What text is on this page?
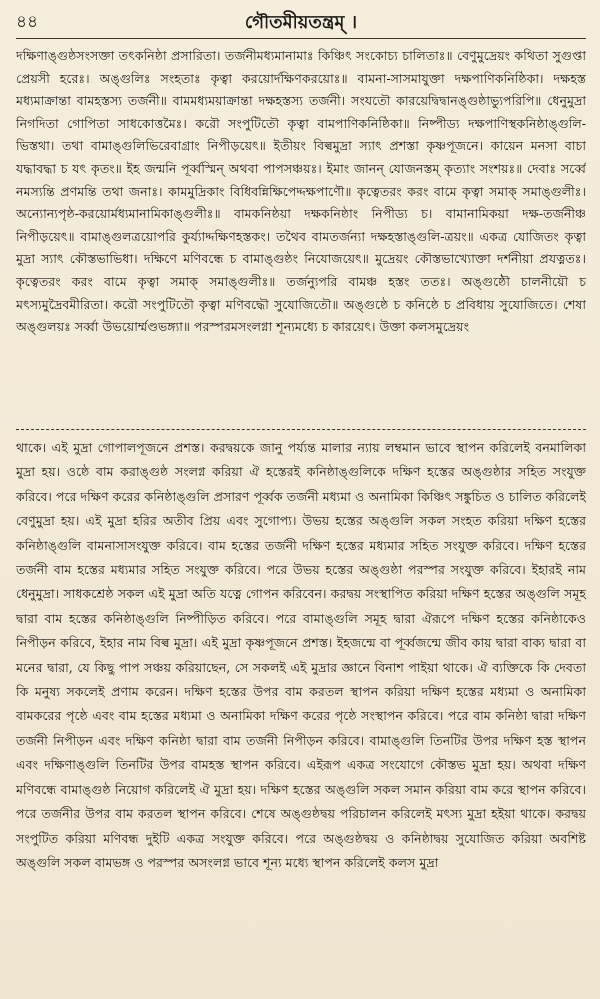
৪৪	গৌতমীয়তন্ত্রম্ ।

দক্ষিণাঙ্গুষ্ঠসংসক্তা তৎকনিষ্ঠা প্রসারিতা। তর্জনীমধ্যমানামাঃ কিঞ্চিৎ সংকোচ্য চালিতাঃ॥ বেণুমুদ্রেয়ং কথিতা সুগুপ্তা প্রেয়সী হরেঃ। অঙ্গুলিঃ সংহতাঃ কৃত্বা করয়োর্দক্ষিণকরয়োঃ॥ বামনা-সাসমাযুক্তা দক্ষপাণিকনিষ্ঠিকা। দক্ষহস্ত মধ্যমাক্রান্তা বামহস্তস্য তর্জনী॥ বামমধ্যময়াক্রান্তা দক্ষহস্তস্য তর্জনী। সংযতৌ কারয়েদ্বিদ্বানঙ্গুষ্ঠাভ্যুপরিপি॥ ধেনুমুদ্রা নিগদিতা গোপিতা সাধকোত্তমৈঃ। করৌ সংপুটিতৌ কৃত্বা বামপাণিকনিষ্ঠিকা॥ নিষ্পীড্য দক্ষপাণিস্থকনিষ্ঠাঙ্গুলি-ভিস্তথা। তথা বামাঙ্গুলিভিরেবাগ্রাং নিপীড়য়েৎ॥ ইতীয়ং বিল্বমুদ্রা স্যাৎ প্রশস্তা কৃষ্ণপূজনে। কায়েন মনসা বাচা যদ্ধাবদ্ধা চ যৎ কৃতং॥ ইহ জন্মনি পূর্ব্বস্মিন্ অথবা পাপসঞ্চয়ঃ। ইমাং জানন্ যোজনস্তম্ কৃত্যাং সংশয়ঃ॥ দেবাঃ সর্ব্বে নমস্যন্তি প্রণমন্তি তথা জনাঃ। কামমুদ্রিকাং বিধিবন্নিক্ষিপেদ্দক্ষপাণৌ॥ কৃত্বেতরং করং বামে কৃত্বা সমাক্ সমাঙ্গুলীঃ। অন্যোন্যপৃষ্ঠ-করয়োর্মধ্যমানামিকাঙ্গুলীঃ॥ বামকনিষ্ঠয়া দক্ষকনিষ্ঠাং নিপীড্য চ। বামানামিকয়া দক্ষ-তর্জনীঞ্চ নিপীড়য়েৎ॥ বামাঙ্গুলত্রয়োপরি কুর্য্যাদ্দক্ষিণহস্তকং। তথৈব বামতর্জন্যা দক্ষহস্তাঙ্গুলি-ত্রয়ং॥ একত্র যোজিতং কৃত্বা মুদ্রা স্যাৎ কৌস্তভাভিধা। দক্ষিণে মণিবন্ধে চ বামাঙ্গুষ্ঠং নিযোজয়েৎ॥ মুদ্রেয়ং কৌস্তভাখ্যোক্তা দর্শনীয়া প্রযত্নতঃ। কৃত্বেতরং করং বামে কৃত্বা সমাক্ সমাঙ্গুলীঃ॥ তর্জন্যুপরি বামঞ্চ হস্তং ততঃ। অঙ্গুষ্ঠৌ চালনীয়ৌ চ মৎস্যমুদ্রৈবমীরিতা। করৌ সংপুটিতৌ কৃত্বা মণিবদ্ধৌ সুযোজিতৌ॥ অঙ্গুষ্ঠে চ কনিষ্ঠে চ প্রবিধায় সুযোজিতে। শেষা অঙ্গুলয়ঃ সর্ব্বা উভয়োর্ম্মণ্ডভঙ্গ্যা॥ পরস্পরমসংলগ্না শূন্যমধ্যে চ কারয়েৎ। উক্তা কলসমুদ্রেয়ং

থাকে। এই মুদ্রা গোপালপূজনে প্রশস্ত। করদ্বয়কে জানু পর্য্যন্ত মালার ন্যায় লম্বমান ভাবে স্থাপন করিলেই বনমালিকা মুদ্রা হয়। ওষ্ঠে বাম করাঙ্গুষ্ঠ সংলগ্ন করিয়া ঐ হস্তেরই কনিষ্ঠাঙ্গুলিকে দক্ষিণ হস্তের অঙ্গুষ্ঠার সহিত সংযুক্ত করিবে। পরে দক্ষিণ করের কনিষ্ঠাঙ্গুলি প্রসারণ পূর্ব্বক তর্জনী মধ্যমা ও অনামিকা কিঞ্চিৎ সঙ্কুচিত ও চালিত করিলেই বেণুমুদ্রা হয়। এই মুদ্রা হরির অতীব প্রিয় এবং সুগোপ্য। উভয় হস্তের অঙ্গুলি সকল সংহত করিয়া দক্ষিণ হস্তের কনিষ্ঠাঙ্গুলি বামনাসাসংযুক্ত করিবে। বাম হস্তের তর্জনী দক্ষিণ হস্তের মধ্যমার সহিত সংযুক্ত করিবে। দক্ষিণ হস্তের তর্জনী বাম হস্তের মধ্যমার সহিত সংযুক্ত করিবে। পরে উভয় হস্তের অঙ্গুষ্ঠা পরস্পর সংযুক্ত করিবে। ইহারই নাম ধেনুমুদ্রা। সাধকশ্রেষ্ঠ সকল এই মুদ্রা অতি যত্নে গোপন করিবেন। করদ্বয় সংস্থাপিত করিয়া দক্ষিণ হস্তের অঙ্গুলি সমূহ দ্বারা বাম হস্তের কনিষ্ঠাঙ্গুলি নিষ্পীড়িত করিবে। পরে বামাঙ্গুলি সমূহ দ্বারা ঐরূপে দক্ষিণ হস্তের কনিষ্ঠাকেও নিপীড়ন করিবে, ইহার নাম বিল্ব মুদ্রা। এই মুদ্রা কৃষ্ণপূজনে প্রশস্ত। ইহজন্মে বা পূর্ব্বজন্মে জীব কায় দ্বারা বাক্য দ্বারা বা মনের দ্বারা, যে কিছু পাপ সঞ্চয় করিয়াছেন, সে সকলই এই মুদ্রার জ্ঞানে বিনাশ পাইয়া থাকে। ঐ ব্যক্তিকে কি দেবতা কি মনুষ্য সকলেই প্রণাম করেন। দক্ষিণ হস্তের উপর বাম করতল স্থাপন করিয়া দক্ষিণ হস্তের মধ্যমা ও অনামিকা বামকরের পৃষ্ঠে এবং বাম হস্তের মধ্যমা ও অনামিকা দক্ষিণ করের পৃষ্ঠে সংস্থাপন করিবে। পরে বাম কনিষ্ঠা দ্বারা দক্ষিণ তর্জনী নিপীড়ন এবং দক্ষিণ কনিষ্ঠা দ্বারা বাম তর্জনী নিপীড়ন করিবে। বামাঙ্গুলি তিনটির উপর দক্ষিণ হস্ত স্থাপন এবং দক্ষিণাঙ্গুলি তিনটির উপর বামহস্ত স্থাপন করিবে। এইরূপ একত্র সংযোগে কৌস্তভ মুদ্রা হয়। অথবা দক্ষিণ মণিবন্ধে বামাঙ্গুষ্ঠ নিয়োগ করিলেই ঐ মুদ্রা হয়। দক্ষিণ হস্তের অঙ্গুলি সকল সমান করিয়া বাম করে স্থাপন করিবে। পরে তর্জনীর উপর বাম করতল স্থাপন করিবে। শেষে অঙ্গুষ্ঠদ্বয় পরিচালন করিলেই মৎস্য মুদ্রা হইয়া থাকে। করদ্বয় সংপুটিত করিয়া মণিবন্ধ দুইটি একত্র সংযুক্ত করিবে। পরে অঙ্গুষ্ঠদ্বয় ও কনিষ্ঠাদ্বয় সুযোজিত করিয়া অবশিষ্ট অঙ্গুলি সকল বামভঙ্গ ও পরস্পর অসংলগ্ন ভাবে শূন্য মধ্যে স্থাপন করিলেই কলস মুদ্রা
